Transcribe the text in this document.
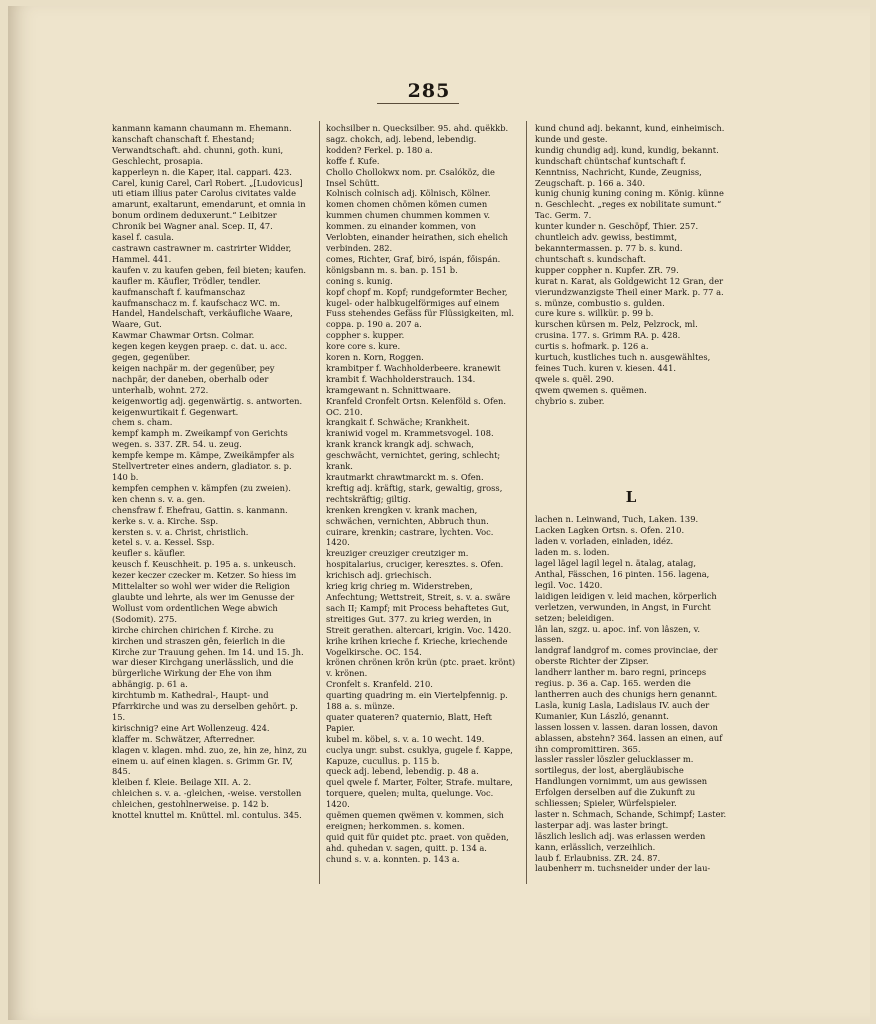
285
kanmann kamann chaumann m. Ehemann.
kanschaft chanschaft f. Ehestand; Verwandtschaft. ahd. chunni, goth. kuni, Geschlecht, prosapia.
kapperleyn n. die Kaper, ital. cappari. 423.
Carel, kunig Carel, Carl Robert. „[Ludovicus] uti etiam illius pater Carolus civitates valde amarunt, exaltarunt, emendarunt, et omnia in bonum ordinem deduxerunt.“ Leibitzer Chronik bei Wagner anal. Scep. II, 47.
kasel f. casula.
castrawn castrawner m. castrirter Widder, Hammel. 441.
kaufen v. zu kaufen geben, feil bieten; kaufen.
kaufler m. Käufler, Trödler, tendler.
kaufmanschaft f. kaufmanschaz kaufmanschacz m. f. kaufschacz WC. m. Handel, Handelschaft, verkäufliche Waare, Waare, Gut.
Kawmar Chawmar Ortsn. Colmar.
kegen kegen keygen praep. c. dat. u. acc. gegen, gegenüber.
keigen nachpär m. der gegenüber, pey nachpär, der daneben, oberhalb oder unterhalb, wohnt. 272.
keigenwortig adj. gegenwärtig. s. antworten.
keigenwurtikait f. Gegenwart.
chem s. cham.
kempf kamph m. Zweikampf von Gerichts wegen. s. 337. ZR. 54. u. zeug.
kempfe kempe m. Kämpe, Zweikämpfer als Stellvertreter eines andern, gladiator. s. p. 140 b.
kempfen cemphen v. kämpfen (zu zweien).
ken chenn s. v. a. gen.
chensfraw f. Ehefrau, Gattin. s. kanmann.
kerke s. v. a. Kirche. Ssp.
kersten s. v. a. Christ, christlich.
ketel s. v. a. Kessel. Ssp.
keufler s. käufler.
keusch f. Keuschheit. p. 195 a. s. unkeusch.
kezer keczer czecker m. Ketzer. So hiess im Mittelalter so wohl wer wider die Religion glaubte und lehrte, als wer im Genusse der Wollust vom ordentlichen Wege abwich (Sodomit). 275.
kirche chirchen chirichen f. Kirche. zu kirchen und straszen gên, feierlich in die Kirche zur Trauung gehen. Im 14. und 15. Jh. war dieser Kirchgang unerlässlich, und die bürgerliche Wirkung der Ehe von ihm abhängig. p. 61 a.
kirchtumb m. Kathedral-, Haupt- und Pfarrkirche und was zu derselben gehört. p. 15.
kirischnig? eine Art Wollenzeug. 424.
klaffer m. Schwätzer, Afterredner.
klagen v. klagen. mhd. zuo, ze, hin ze, hinz, zu einem u. auf einen klagen. s. Grimm Gr. IV, 845.
kleiben f. Kleie. Beilage XII. A. 2.
chleichen s. v. a. -gleichen, -weise. verstollen chleichen, gestohlnerweise. p. 142 b.
knottel knuttel m. Knüttel. ml. contulus. 345.
kochsilber n. Quecksilber. 95. ahd. quëkkb. sagz. chokch, adj. lebend, lebendig.
kodden? Ferkel. p. 180 a.
koffe f. Kufe.
Chollo Chollokwx nom. pr. Csalóköz, die Insel Schütt.
Kolnisch colnisch adj. Kölnisch, Kölner.
komen chomen chömen kömen cumen kummen chumen chummen kommen v. kommen. zu einander kommen, von Verlobten, einander heirathen, sich ehelich verbinden. 282.
comes, Richter, Graf, biró, ispán, főispán.
königsbann m. s. ban. p. 151 b.
coning s. kunig.
kopf chopf m. Kopf; rundgeformter Becher, kugel- oder halbkugelförmiges auf einem Fuss stehendes Gefäss für Flüssigkeiten, ml. coppa. p. 190 a. 207 a.
coppher s. kupper.
kore core s. kure.
koren n. Korn, Roggen.
krambitper f. Wachholderbeere. kranewit krambit f. Wachholderstrauch. 134.
kramgewant n. Schnittwaare.
Kranfeld Cronfelt Ortsn. Kelenföld s. Ofen. OC. 210.
krangkait f. Schwäche; Krankheit.
kraniwid vogel m. Krammetsvogel. 108.
krank kranck krangk adj. schwach, geschwächt, vernichtet, gering, schlecht; krank.
krautmarkt chrawtmarckt m. s. Ofen.
kreftig adj. kräftig, stark, gewaltig, gross, rechtskräftig; giltig.
krenken krengken v. krank machen, schwächen, vernichten, Abbruch thun. cuirare, krenkin; castrare, lychten. Voc. 1420.
kreuziger creuziger creutziger m. hospitalarius, cruciger, keresztes. s. Ofen.
krichisch adj. griechisch.
krieg krig chrieg m. Widerstreben, Anfechtung; Wettstreit, Streit, s. v. a. swäre sach II; Kampf; mit Process behaftetes Gut, streitiges Gut. 377. zu krieg werden, in Streit gerathen. altercari, krigin. Voc. 1420.
krihe krihen krieche f. Krieche, kriechende Vogelkirsche. OC. 154.
krönen chrönen krön krün (ptc. praet. krönt) v. krönen.
Cronfelt s. Kranfeld. 210.
quarting quadring m. ein Viertelpfennig. p. 188 a. s. münze.
quater quateren? quaternio, Blatt, Heft Papier.
kubel m. köbel, s. v. a. 10 wecht. 149.
cuclya ungr. subst. csuklya, gugele f. Kappe, Kapuze, cucullus. p. 115 b.
queck adj. lebend, lebendig. p. 48 a.
quel qwele f. Marter, Folter, Strafe. multare, torquere, quelen; multa, quelunge. Voc. 1420.
quëmen quemen qwëmen v. kommen, sich ereignen; herkommen. s. komen.
quid quit für quidet ptc. praet. von quëden, ahd. quhedan v. sagen, quitt. p. 134 a.
chund s. v. a. konnten. p. 143 a.
kund chund adj. bekannt, kund, einheimisch. kunde und geste.
kundig chundig adj. kund, kundig, bekannt.
kundschaft chüntschaf kuntschaft f. Kenntniss, Nachricht, Kunde, Zeugniss, Zeugschaft. p. 166 a. 340.
kunig chunig kuning coning m. König. künne n. Geschlecht. „reges ex nobilitate sumunt.“ Tac. Germ. 7.
kunter kunder n. Geschöpf, Thier. 257.
chuntleich adv. gewiss, bestimmt, bekanntermassen. p. 77 b. s. kund.
chuntschaft s. kundschaft.
kupper coppher n. Kupfer. ZR. 79.
kurat n. Karat, als Goldgewicht 12 Gran, der vierundzwanzigste Theil einer Mark. p. 77 a. s. münze, combustio s. gulden.
cure kure s. willkür. p. 99 b.
kurschen kürsen m. Pelz, Pelzrock, ml. crusina. 177. s. Grimm RA. p. 428.
curtis s. hofmark. p. 126 a.
kurtuch, kustliches tuch n. ausgewähltes, feines Tuch. kuren v. kiesen. 441.
qwele s. quël. 290.
qwem qwemen s. quëmen.
chybrio s. zuber.
L
lachen n. Leinwand, Tuch, Laken. 139.
Lacken Lagken Ortsn. s. Ofen. 210.
laden v. vorladen, einladen, idéz.
laden m. s. loden.
lagel lägel lagil legel n. ätalag, atalag, Anthal, Fässchen, 16 pinten. 156. lagena, legil. Voc. 1420.
laidigen leidigen v. leid machen, körperlich verletzen, verwunden, in Angst, in Furcht setzen; beleidigen.
lân lan, szgz. u. apoc. inf. von lâszen, v. lassen.
landgraf landgrof m. comes provinciae, der oberste Richter der Zipser.
landherr lanther m. baro regni, princeps regius. p. 36 a. Cap. 165. werden die lantherren auch des chunigs hern genannt.
Lasla, kunig Lasla, Ladislaus IV. auch der Kumanier, Kun László, genannt.
lassen lossen v. lassen. daran lossen, davon ablassen, abstehn? 364. lassen an einen, auf ihn compromittiren. 365.
lassler rassler löszler gelucklasser m. sortilegus, der lost, abergläubische Handlungen vornimmt, um aus gewissen Erfolgen derselben auf die Zukunft zu schliessen; Spieler, Würfelspieler.
laster n. Schmach, Schande, Schimpf; Laster.
lasterpar adj. was laster bringt.
läszlich leslich adj. was erlassen werden kann, erlässlich, verzeihlich.
laub f. Erlaubniss. ZR. 24. 87.
laubenherr m. tuchsneider under der lau-
